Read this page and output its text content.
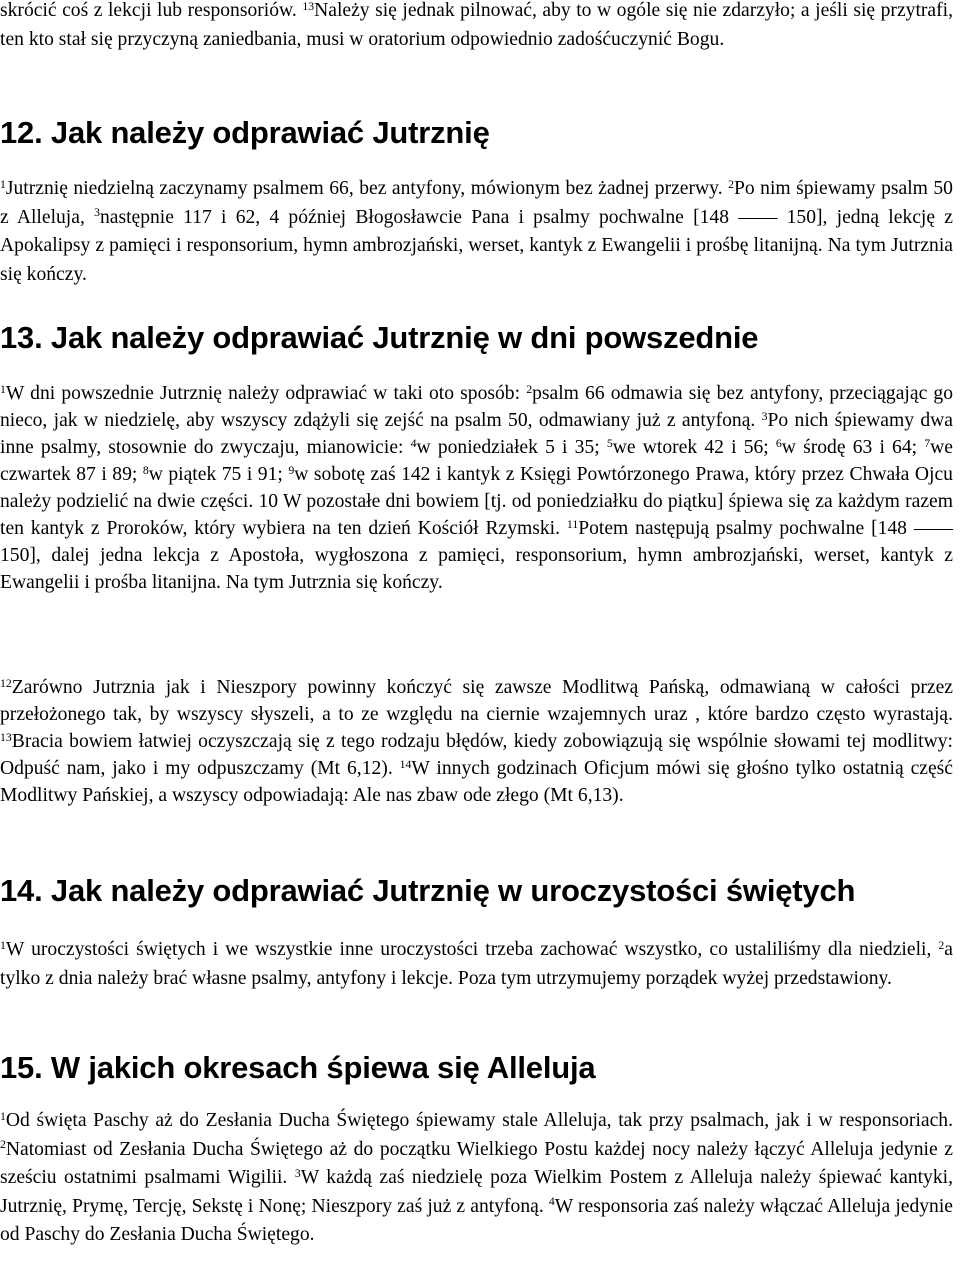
skrócić coś z lekcji lub responsoriów. $^{13}$Należy się jednak pilnować, aby to w ogóle się nie zdarzyło; a jeśli się przytrafi, ten kto stał się przyczyną zaniedbania, musi w oratorium odpowiednio zadośćuczynić Bogu.

12. Jak należy odprawiać Jutrznię

$^1$Jutrznię niedzielną zaczynamy psalmem 66, bez antyfony, mówionym bez żadnej przerwy. $^2$Po nim śpiewamy psalm 50 z Alleluja, $^3$następnie 117 i 62, 4 później Błogosławcie Pana i psalmy pochwalne [148 —— 150], jedną lekcję z Apokalipsy z pamięci i responsorium, hymn ambrozjański, werset, kantyk z Ewangelii i prośbę litanijną. Na tym Jutrznia się kończy.

13. Jak należy odprawiać Jutrznię w dni powszednie

$^1$W dni powszednie Jutrznię należy odprawiać w taki oto sposób: $^2$psalm 66 odmawia się bez antyfony, przeciągając go nieco, jak w niedzielę, aby wszyscy zdążyli się zejść na psalm 50, odmawiany już z antyfoną. $^3$Po nich śpiewamy dwa inne psalmy, stosownie do zwyczaju, mianowicie: $^4$w poniedziałek 5 i 35; $^5$we wtorek 42 i 56; $^6$w środę 63 i 64; $^7$we czwartek 87 i 89; $^8$w piątek 75 i 91; $^9$w sobotę zaś 142 i kantyk z Księgi Powtórzonego Prawa, który przez Chwała Ojcu należy podzielić na dwie części. 10 W pozostałe dni bowiem [tj. od poniedziałku do piątku] śpiewa się za każdym razem ten kantyk z Proroków, który wybiera na ten dzień Kościół Rzymski. $^{11}$Potem następują psalmy pochwalne [148 —— 150], dalej jedna lekcja z Apostoła, wygłoszona z pamięci, responsorium, hymn ambrozjański, werset, kantyk z Ewangelii i prośba litanijna. Na tym Jutrznia się kończy.

$^{12}$Zarówno Jutrznia jak i Nieszpory powinny kończyć się zawsze Modlitwą Pańską, odmawianą w całości przez przełożonego tak, by wszyscy słyszeli, a to ze względu na ciernie wzajemnych uraz , które bardzo często wyrastają. $^{13}$Bracia bowiem łatwiej oczyszczają się z tego rodzaju błędów, kiedy zobowiązują się wspólnie słowami tej modlitwy: Odpuść nam, jako i my odpuszczamy (Mt 6,12). $^{14}$W innych godzinach Oficjum mówi się głośno tylko ostatnią część Modlitwy Pańskiej, a wszyscy odpowiadają: Ale nas zbaw ode złego (Mt 6,13).

14. Jak należy odprawiać Jutrznię w uroczystości świętych

$^1$W uroczystości świętych i we wszystkie inne uroczystości trzeba zachować wszystko, co ustaliliśmy dla niedzieli, $^2$a tylko z dnia należy brać własne psalmy, antyfony i lekcje. Poza tym utrzymujemy porządek wyżej przedstawiony.

15. W jakich okresach śpiewa się Alleluja

$^1$Od święta Paschy aż do Zesłania Ducha Świętego śpiewamy stale Alleluja, tak przy psalmach, jak i w responsoriach. $^2$Natomiast od Zesłania Ducha Świętego aż do początku Wielkiego Postu każdej nocy należy łączyć Alleluja jedynie z sześciu ostatnimi psalmami Wigilii. $^3$W każdą zaś niedzielę poza Wielkim Postem z Alleluja należy śpiewać kantyki, Jutrznię, Prymę, Tercję, Sekstę i Nonę; Nieszpory zaś już z antyfoną. $^4$W responsoria zaś należy włączać Alleluja jedynie od Paschy do Zesłania Ducha Świętego.
